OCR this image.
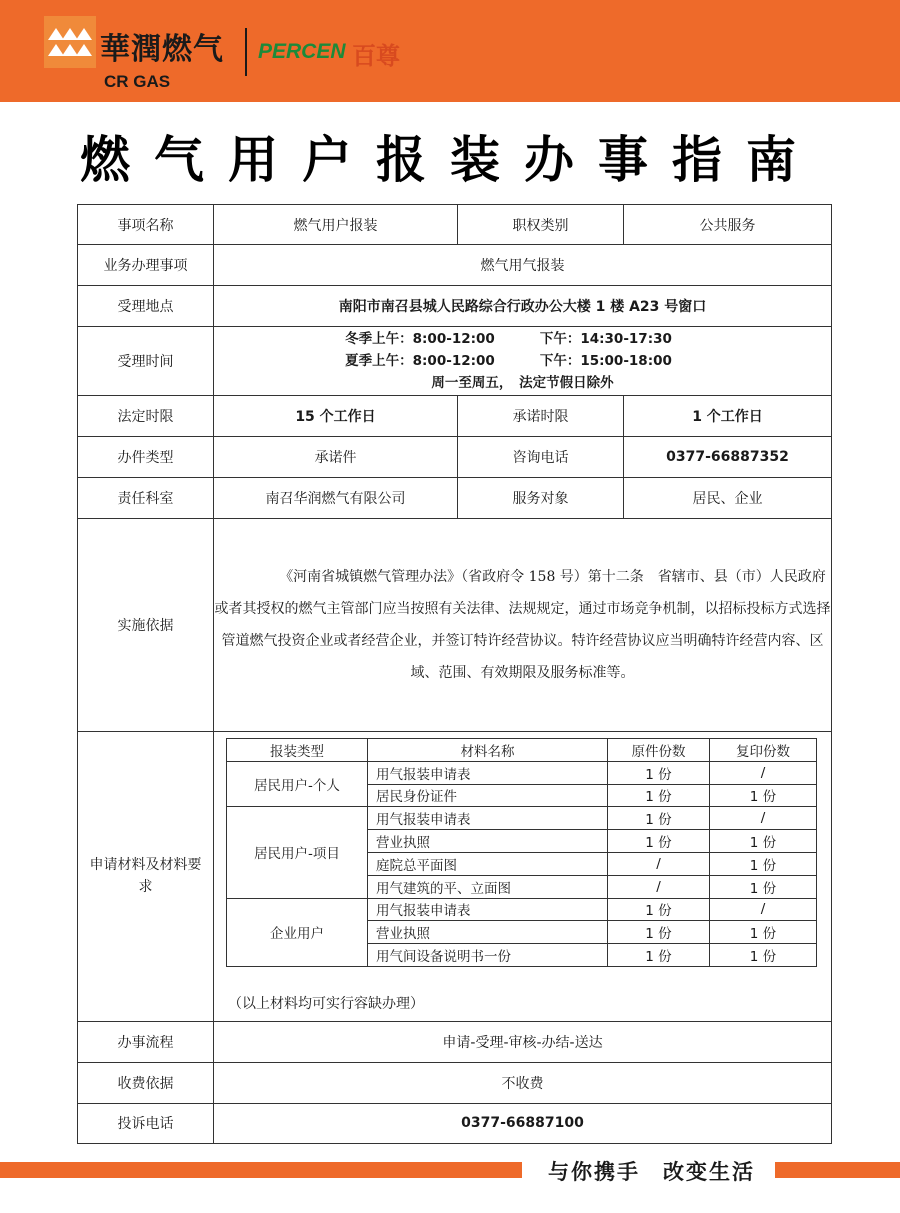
華潤燃气
CR GAS
PERCEN 百尊
燃气用户报装办事指南
事项名称	燃气用户报装	职权类别	公共服务
业务办理事项	燃气用气报装
受理地点	南阳市南召县城人民路综合行政办公大楼 1 楼 A23 号窗口
受理时间	
冬季上午：8:00-12:00	下午：14:30-17:30
夏季上午：8:00-12:00	下午：15:00-18:00
周一至周五，　法定节假日除外

法定时限	15 个工作日	承诺时限	1 个工作日
办件类型	承诺件	咨询电话	0377-66887352
责任科室	南召华润燃气有限公司	服务对象	居民、企业
实施依据	《河南省城镇燃气管理办法》（省政府令 158 号）第十二条　省辖市、县（市）人民政府或者其授权的燃气主管部门应当按照有关法律、法规规定，通过市场竞争机制，以招标投标方式选择管道燃气投资企业或者经营企业，并签订特许经营协议。特许经营协议应当明确特许经营内容、区域、范围、有效期限及服务标准等。
申请材料及材料要求	
报装类型	材料名称	原件份数	复印份数
居民用户-个人	用气报装申请表	1 份	/
居民身份证件	1 份	1 份
居民用户-项目	用气报装申请表	1 份	/
营业执照	1 份	1 份
庭院总平面图	/	1 份
用气建筑的平、立面图	/	1 份
企业用户	用气报装申请表	1 份	/
营业执照	1 份	1 份
用气间设备说明书一份	1 份	1 份
（以上材料均可实行容缺办理）

办事流程	申请-受理-审核-办结-送达
收费依据	不收费
投诉电话	0377-66887100
与你携手　改变生活
